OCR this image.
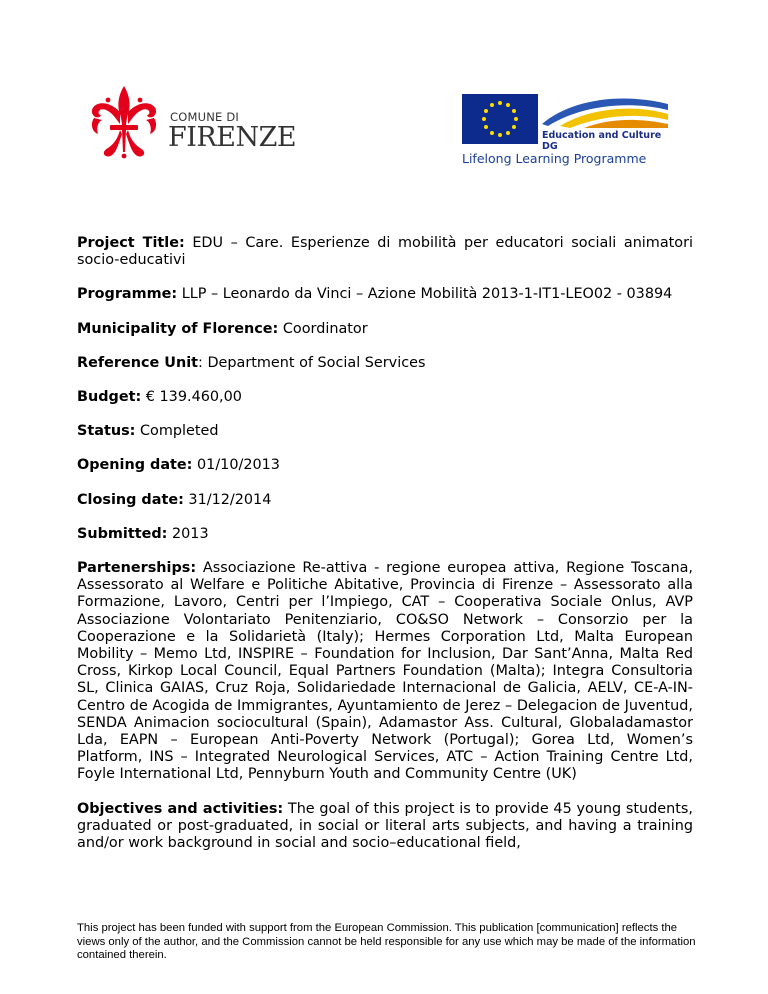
COMUNE DI
FIRENZE	Education and Culture DG
Lifelong Learning Programme

Project Title: EDU – Care. Esperienze di mobilità per educatori sociali animatori socio-educativi

Programme: LLP – Leonardo da Vinci – Azione Mobilità 2013-1-IT1-LEO02 - 03894

Municipality of Florence: Coordinator

Reference Unit: Department of Social Services

Budget: € 139.460,00

Status: Completed

Opening date: 01/10/2013

Closing date: 31/12/2014

Submitted: 2013

Partenerships: Associazione Re-attiva - regione europea attiva, Regione Toscana, Assessorato al Welfare e Politiche Abitative, Provincia di Firenze – Assessorato alla Formazione, Lavoro, Centri per l’Impiego, CAT – Cooperativa Sociale Onlus, AVP Associazione Volontariato Penitenziario, CO&SO Network – Consorzio per la Cooperazione e la Solidarietà (Italy); Hermes Corporation Ltd, Malta European Mobility – Memo Ltd, INSPIRE – Foundation for Inclusion, Dar Sant’Anna, Malta Red Cross, Kirkop Local Council, Equal Partners Foundation (Malta); Integra Consultoria SL, Clinica GAIAS, Cruz Roja, Solidariedade Internacional de Galicia, AELV, CE-A-IN- Centro de Acogida de Immigrantes, Ayuntamiento de Jerez – Delegacion de Juventud, SENDA Animacion sociocultural (Spain), Adamastor Ass. Cultural, Globaladamastor Lda, EAPN – European Anti-Poverty Network (Portugal); Gorea Ltd, Women’s Platform, INS – Integrated Neurological Services, ATC – Action Training Centre Ltd, Foyle International Ltd, Pennyburn Youth and Community Centre (UK)

Objectives and activities: The goal of this project is to provide 45 young students, graduated or post-graduated, in social or literal arts subjects, and having a training and/or work background in social and socio–educational field,

This project has been funded with support from the European Commission. This publication [communication] reflects the views only of the author, and the Commission cannot be held responsible for any use which may be made of the information contained therein.
